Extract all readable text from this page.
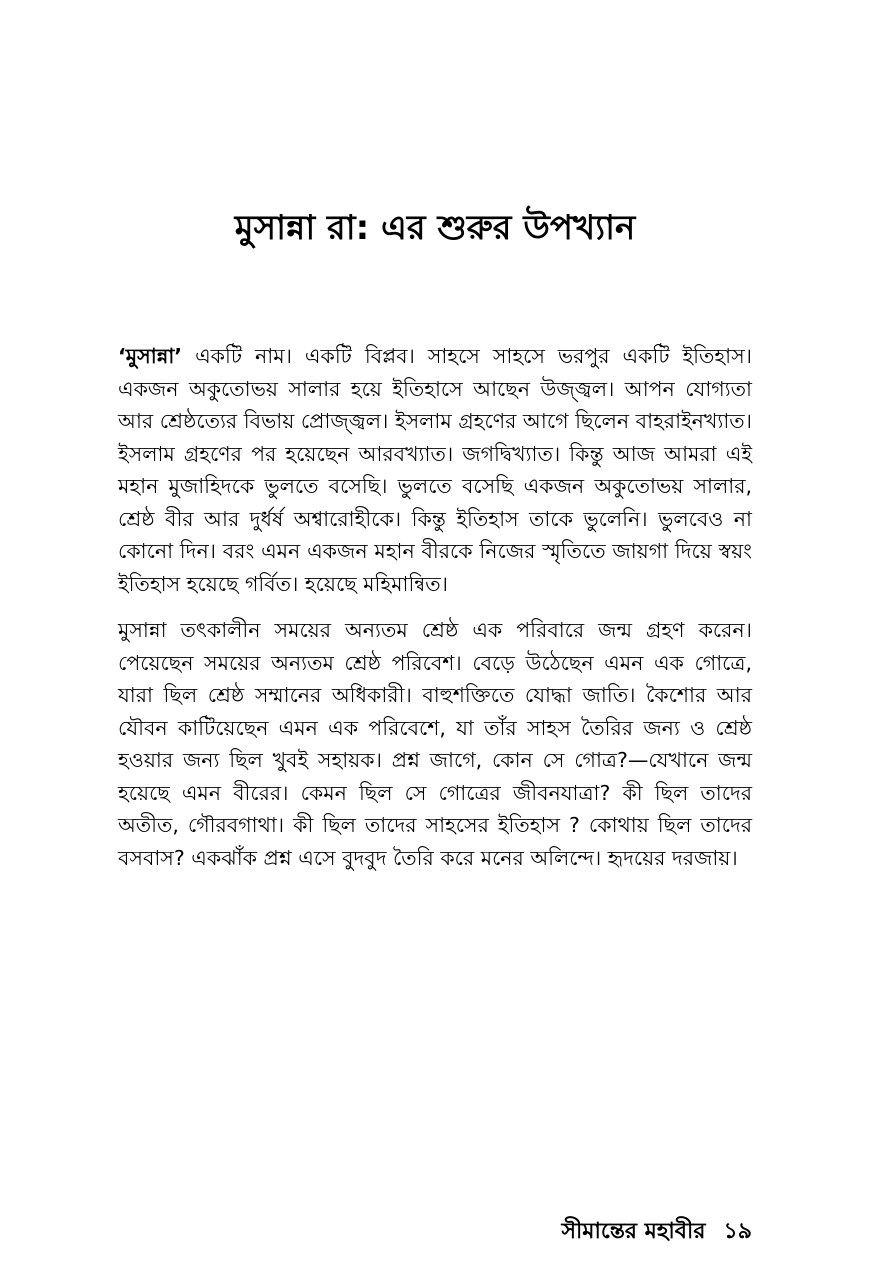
মুসান্না রা: এর শুরুর উপখ্যান

‘মুসান্না’ একটি নাম। একটি বিপ্লব। সাহসে সাহসে ভরপুর একটি ইতিহাস। একজন অকুতোভয় সালার হয়ে ইতিহাসে আছেন উজ্জ্বল। আপন যোগ্যতা আর শ্রেষ্ঠত্যের বিভায় প্রোজ্জ্বল। ইসলাম গ্রহণের আগে ছিলেন বাহরাইনখ্যাত। ইসলাম গ্রহণের পর হয়েছেন আরবখ্যাত। জগদ্বিখ্যাত। কিন্তু আজ আমরা এই মহান মুজাহিদকে ভুলতে বসেছি। ভুলতে বসেছি একজন অকুতোভয় সালার, শ্রেষ্ঠ বীর আর দুর্ধর্ষ অশ্বারোহীকে। কিন্তু ইতিহাস তাকে ভুলেনি। ভুলবেও না কোনো দিন। বরং এমন একজন মহান বীরকে নিজের স্মৃতিতে জায়গা দিয়ে স্বয়ং ইতিহাস হয়েছে গর্বিত। হয়েছে মহিমান্বিত।

মুসান্না তৎকালীন সময়ের অন্যতম শ্রেষ্ঠ এক পরিবারে জন্ম গ্রহণ করেন। পেয়েছেন সময়ের অন্যতম শ্রেষ্ঠ পরিবেশ। বেড়ে উঠেছেন এমন এক গোত্রে, যারা ছিল শ্রেষ্ঠ সম্মানের অধিকারী। বাহুশক্তিতে যোদ্ধা জাতি। কৈশোর আর যৌবন কাটিয়েছেন এমন এক পরিবেশে, যা তাঁর সাহস তৈরির জন্য ও শ্রেষ্ঠ হওয়ার জন্য ছিল খুবই সহায়ক। প্রশ্ন জাগে, কোন সে গোত্র?—যেখানে জন্ম হয়েছে এমন বীরের। কেমন ছিল সে গোত্রের জীবনযাত্রা? কী ছিল তাদের অতীত, গৌরবগাথা। কী ছিল তাদের সাহসের ইতিহাস ? কোথায় ছিল তাদের বসবাস? একঝাঁক প্রশ্ন এসে বুদবুদ তৈরি করে মনের অলিন্দে। হৃদয়ের দরজায়।

সীমান্তের মহাবীর ১৯
